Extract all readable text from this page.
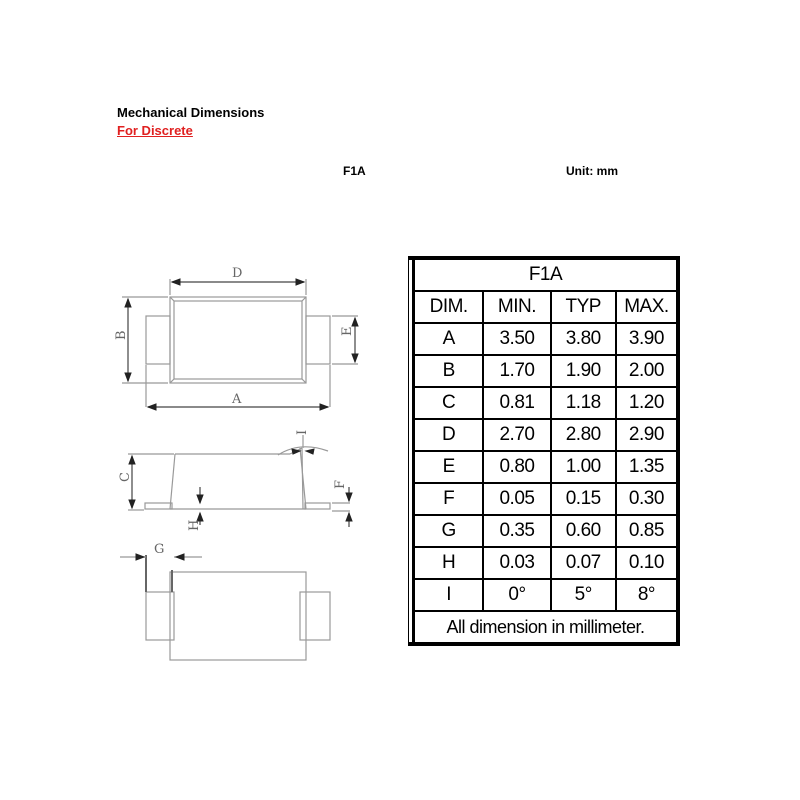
Mechanical Dimensions
For Discrete
F1A	Unit: mm
D
A
B	E
C
H
F
I
G
F1A			
DIM.	MIN.	TYP	MAX.
A	3.50	3.80	3.90
B	1.70	1.90	2.00
C	0.81	1.18	1.20
D	2.70	2.80	2.90
E	0.80	1.00	1.35
F	0.05	0.15	0.30
G	0.35	0.60	0.85
H	0.03	0.07	0.10
I	0°	5°	8°
All dimension in millimeter.			
